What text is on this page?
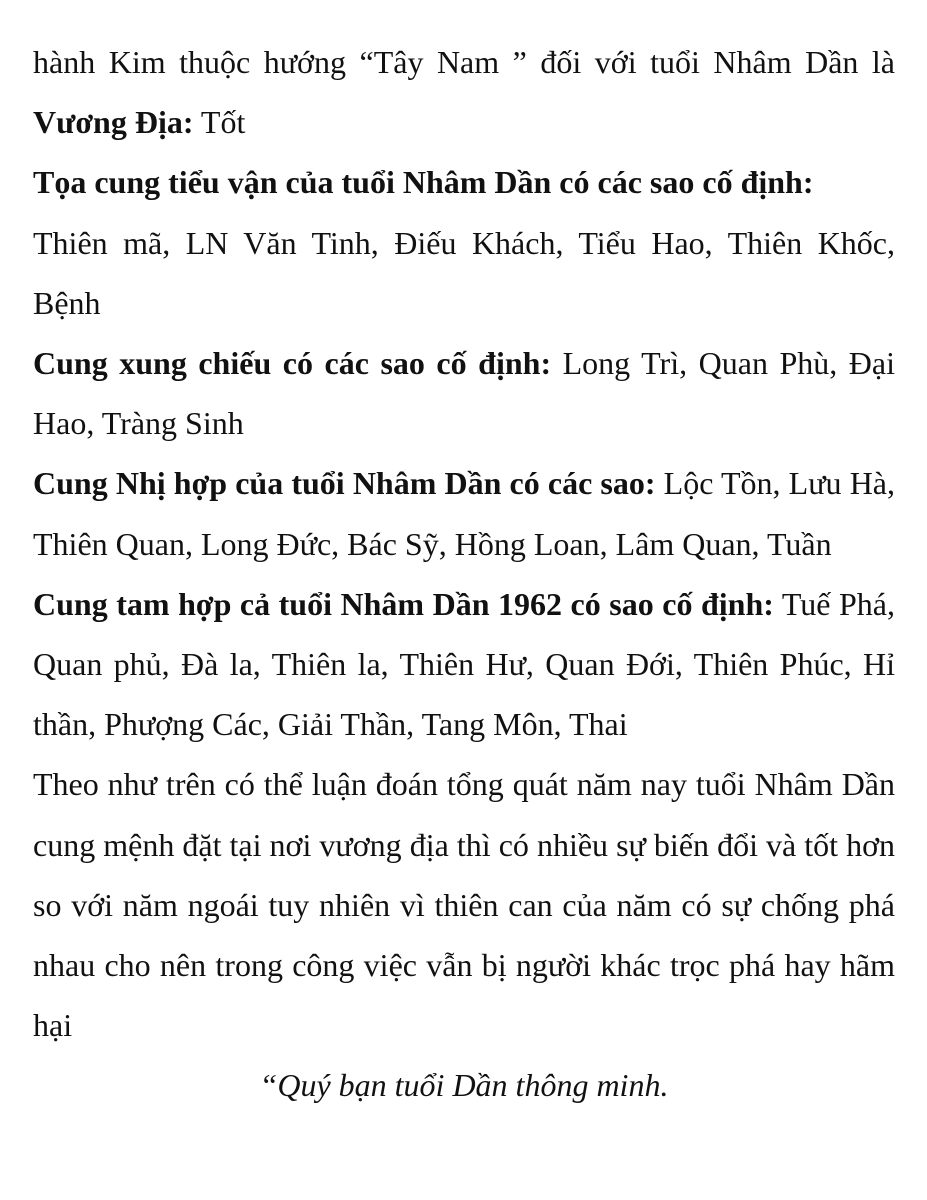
hành Kim thuộc hướng “Tây Nam ” đối với tuổi Nhâm Dần là Vương Địa: Tốt

Tọa cung tiểu vận của tuổi Nhâm Dần có các sao cố định:
Thiên mã, LN Văn Tinh, Điếu Khách, Tiểu Hao, Thiên Khốc, Bệnh

Cung xung chiếu có các sao cố định: Long Trì, Quan Phù, Đại Hao, Tràng Sinh

Cung Nhị hợp của tuổi Nhâm Dần có các sao: Lộc Tồn, Lưu Hà, Thiên Quan, Long Đức, Bác Sỹ, Hồng Loan, Lâm Quan, Tuần

Cung tam hợp cả tuổi Nhâm Dần 1962 có sao cố định: Tuế Phá, Quan phủ, Đà la, Thiên la, Thiên Hư, Quan Đới, Thiên Phúc, Hỉ thần, Phượng Các, Giải Thần, Tang Môn, Thai

Theo như trên có thể luận đoán tổng quát năm nay tuổi Nhâm Dần cung mệnh đặt tại nơi vương địa thì có nhiều sự biến đổi và tốt hơn so với năm ngoái tuy nhiên vì thiên can của năm có sự chống phá nhau cho nên trong công việc vẫn bị người khác trọc phá hay hãm hại

“Quý bạn tuổi Dần thông minh.
